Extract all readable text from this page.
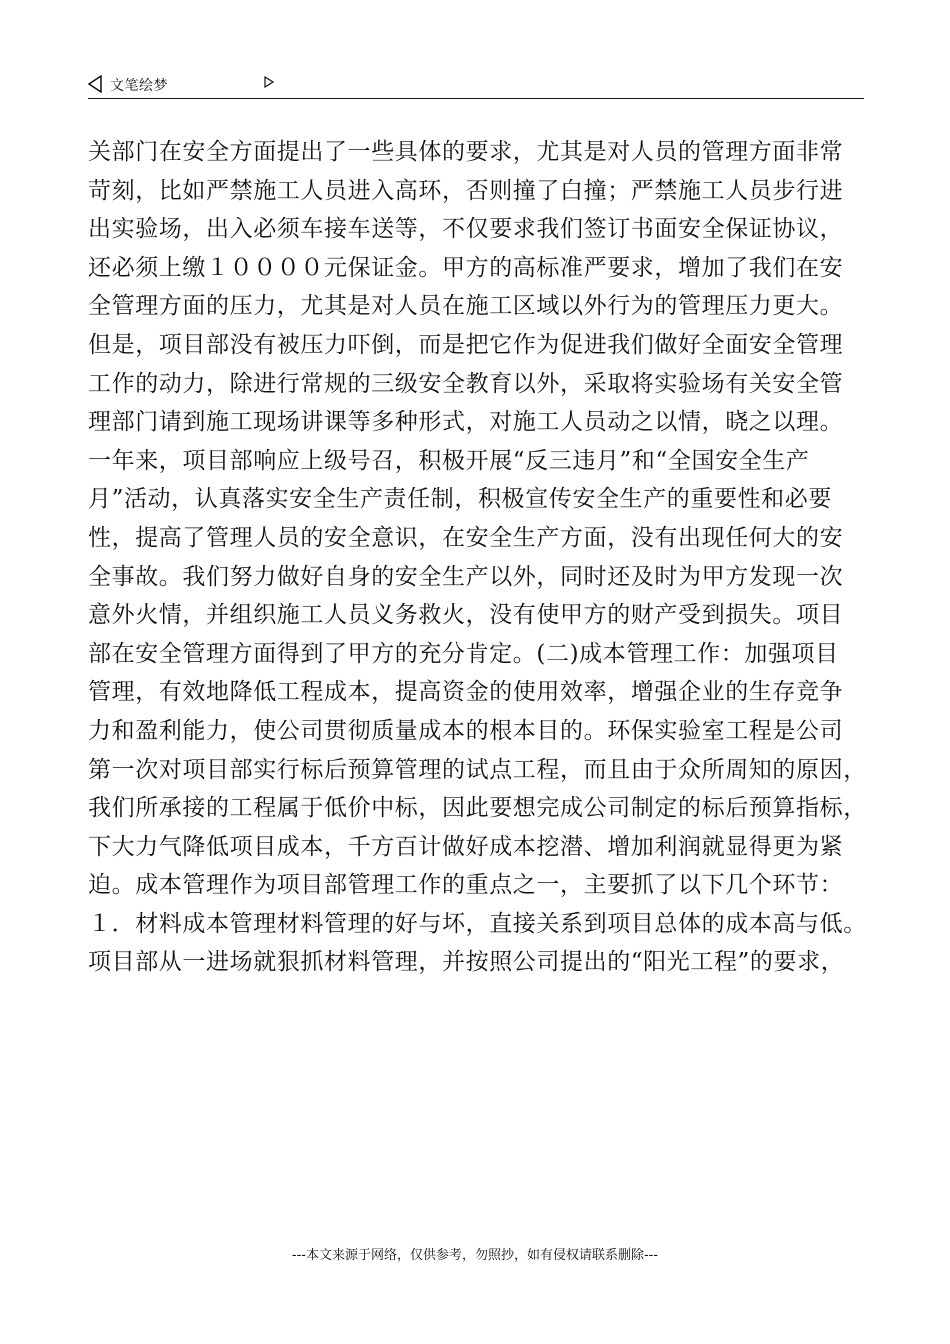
文笔绘梦
关部门在安全方面提出了一些具体的要求，尤其是对人员的管理方面非常
苛刻，比如严禁施工人员进入高环，否则撞了白撞；严禁施工人员步行进
出实验场，出入必须车接车送等，不仅要求我们签订书面安全保证协议，
还必须上缴１００００元保证金。甲方的高标准严要求，增加了我们在安
全管理方面的压力，尤其是对人员在施工区域以外行为的管理压力更大。
但是，项目部没有被压力吓倒，而是把它作为促进我们做好全面安全管理
工作的动力，除进行常规的三级安全教育以外，采取将实验场有关安全管
理部门请到施工现场讲课等多种形式，对施工人员动之以情，晓之以理。
一年来，项目部响应上级号召，积极开展“反三违月”和“全国安全生产
月”活动，认真落实安全生产责任制，积极宣传安全生产的重要性和必要
性，提高了管理人员的安全意识，在安全生产方面，没有出现任何大的安
全事故。我们努力做好自身的安全生产以外，同时还及时为甲方发现一次
意外火情，并组织施工人员义务救火，没有使甲方的财产受到损失。项目
部在安全管理方面得到了甲方的充分肯定。(二)成本管理工作：加强项目
管理，有效地降低工程成本，提高资金的使用效率，增强企业的生存竞争
力和盈利能力，使公司贯彻质量成本的根本目的。环保实验室工程是公司
第一次对项目部实行标后预算管理的试点工程，而且由于众所周知的原因，
我们所承接的工程属于低价中标，因此要想完成公司制定的标后预算指标，
下大力气降低项目成本，千方百计做好成本挖潜、增加利润就显得更为紧
迫。成本管理作为项目部管理工作的重点之一，主要抓了以下几个环节：
１．材料成本管理材料管理的好与坏，直接关系到项目总体的成本高与低。
项目部从一进场就狠抓材料管理，并按照公司提出的“阳光工程”的要求，
---本文来源于网络，仅供参考，勿照抄，如有侵权请联系删除---
